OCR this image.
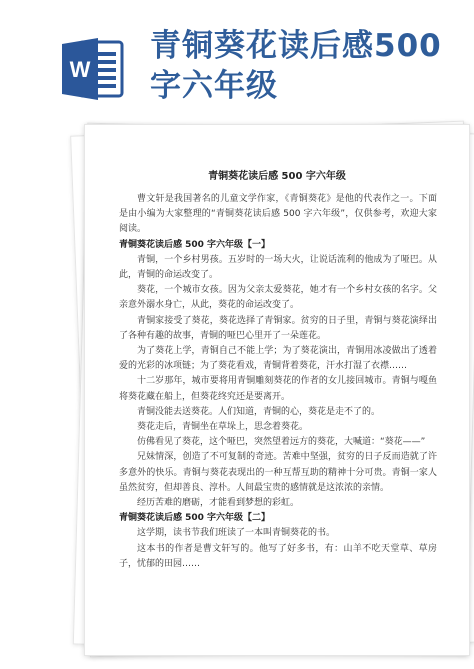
W
青铜葵花读后感500字六年级
青铜葵花读后感 500 字六年级

曹文轩是我国著名的儿童文学作家，《青铜葵花》是他的代表作之一。下面是由小编为大家整理的“青铜葵花读后感 500 字六年级”，仅供参考，欢迎大家阅读。

青铜葵花读后感 500 字六年级【一】

青铜，一个乡村男孩。五岁时的一场大火，让说话流利的他成为了哑巴。从此，青铜的命运改变了。

葵花，一个城市女孩。因为父亲太爱葵花，她才有一个乡村女孩的名字。父亲意外溺水身亡，从此，葵花的命运改变了。

青铜家接受了葵花，葵花选择了青铜家。贫穷的日子里，青铜与葵花演绎出了各种有趣的故事，青铜的哑巴心里开了一朵莲花。

为了葵花上学，青铜自己不能上学；为了葵花演出，青铜用冰凌做出了透着爱的光彩的冰项链；为了葵花看戏，青铜背着葵花，汗水打湿了衣襟……

十二岁那年，城市要将用青铜雕刻葵花的作者的女儿接回城市。青铜与嘎鱼将葵花藏在船上，但葵花终究还是要离开。

青铜没能去送葵花。人们知道，青铜的心，葵花是走不了的。

葵花走后，青铜坐在草垛上，思念着葵花。

仿佛看见了葵花，这个哑巴，突然望着远方的葵花，大喊道：“葵花——”

兄妹情深，创造了不可复制的奇迹。苦难中坚强，贫穷的日子反而造就了许多意外的快乐。青铜与葵花表现出的一种互帮互助的精神十分可贵。青铜一家人虽然贫穷，但却善良、淳朴。人间最宝贵的感情就是这浓浓的亲情。

经历苦难的磨砺，才能看到梦想的彩虹。

青铜葵花读后感 500 字六年级【二】

这学期，读书节我们班读了一本叫青铜葵花的书。

这本书的作者是曹文轩写的。他写了好多书，有：山羊不吃天堂草、草房子，忧郁的田园……
